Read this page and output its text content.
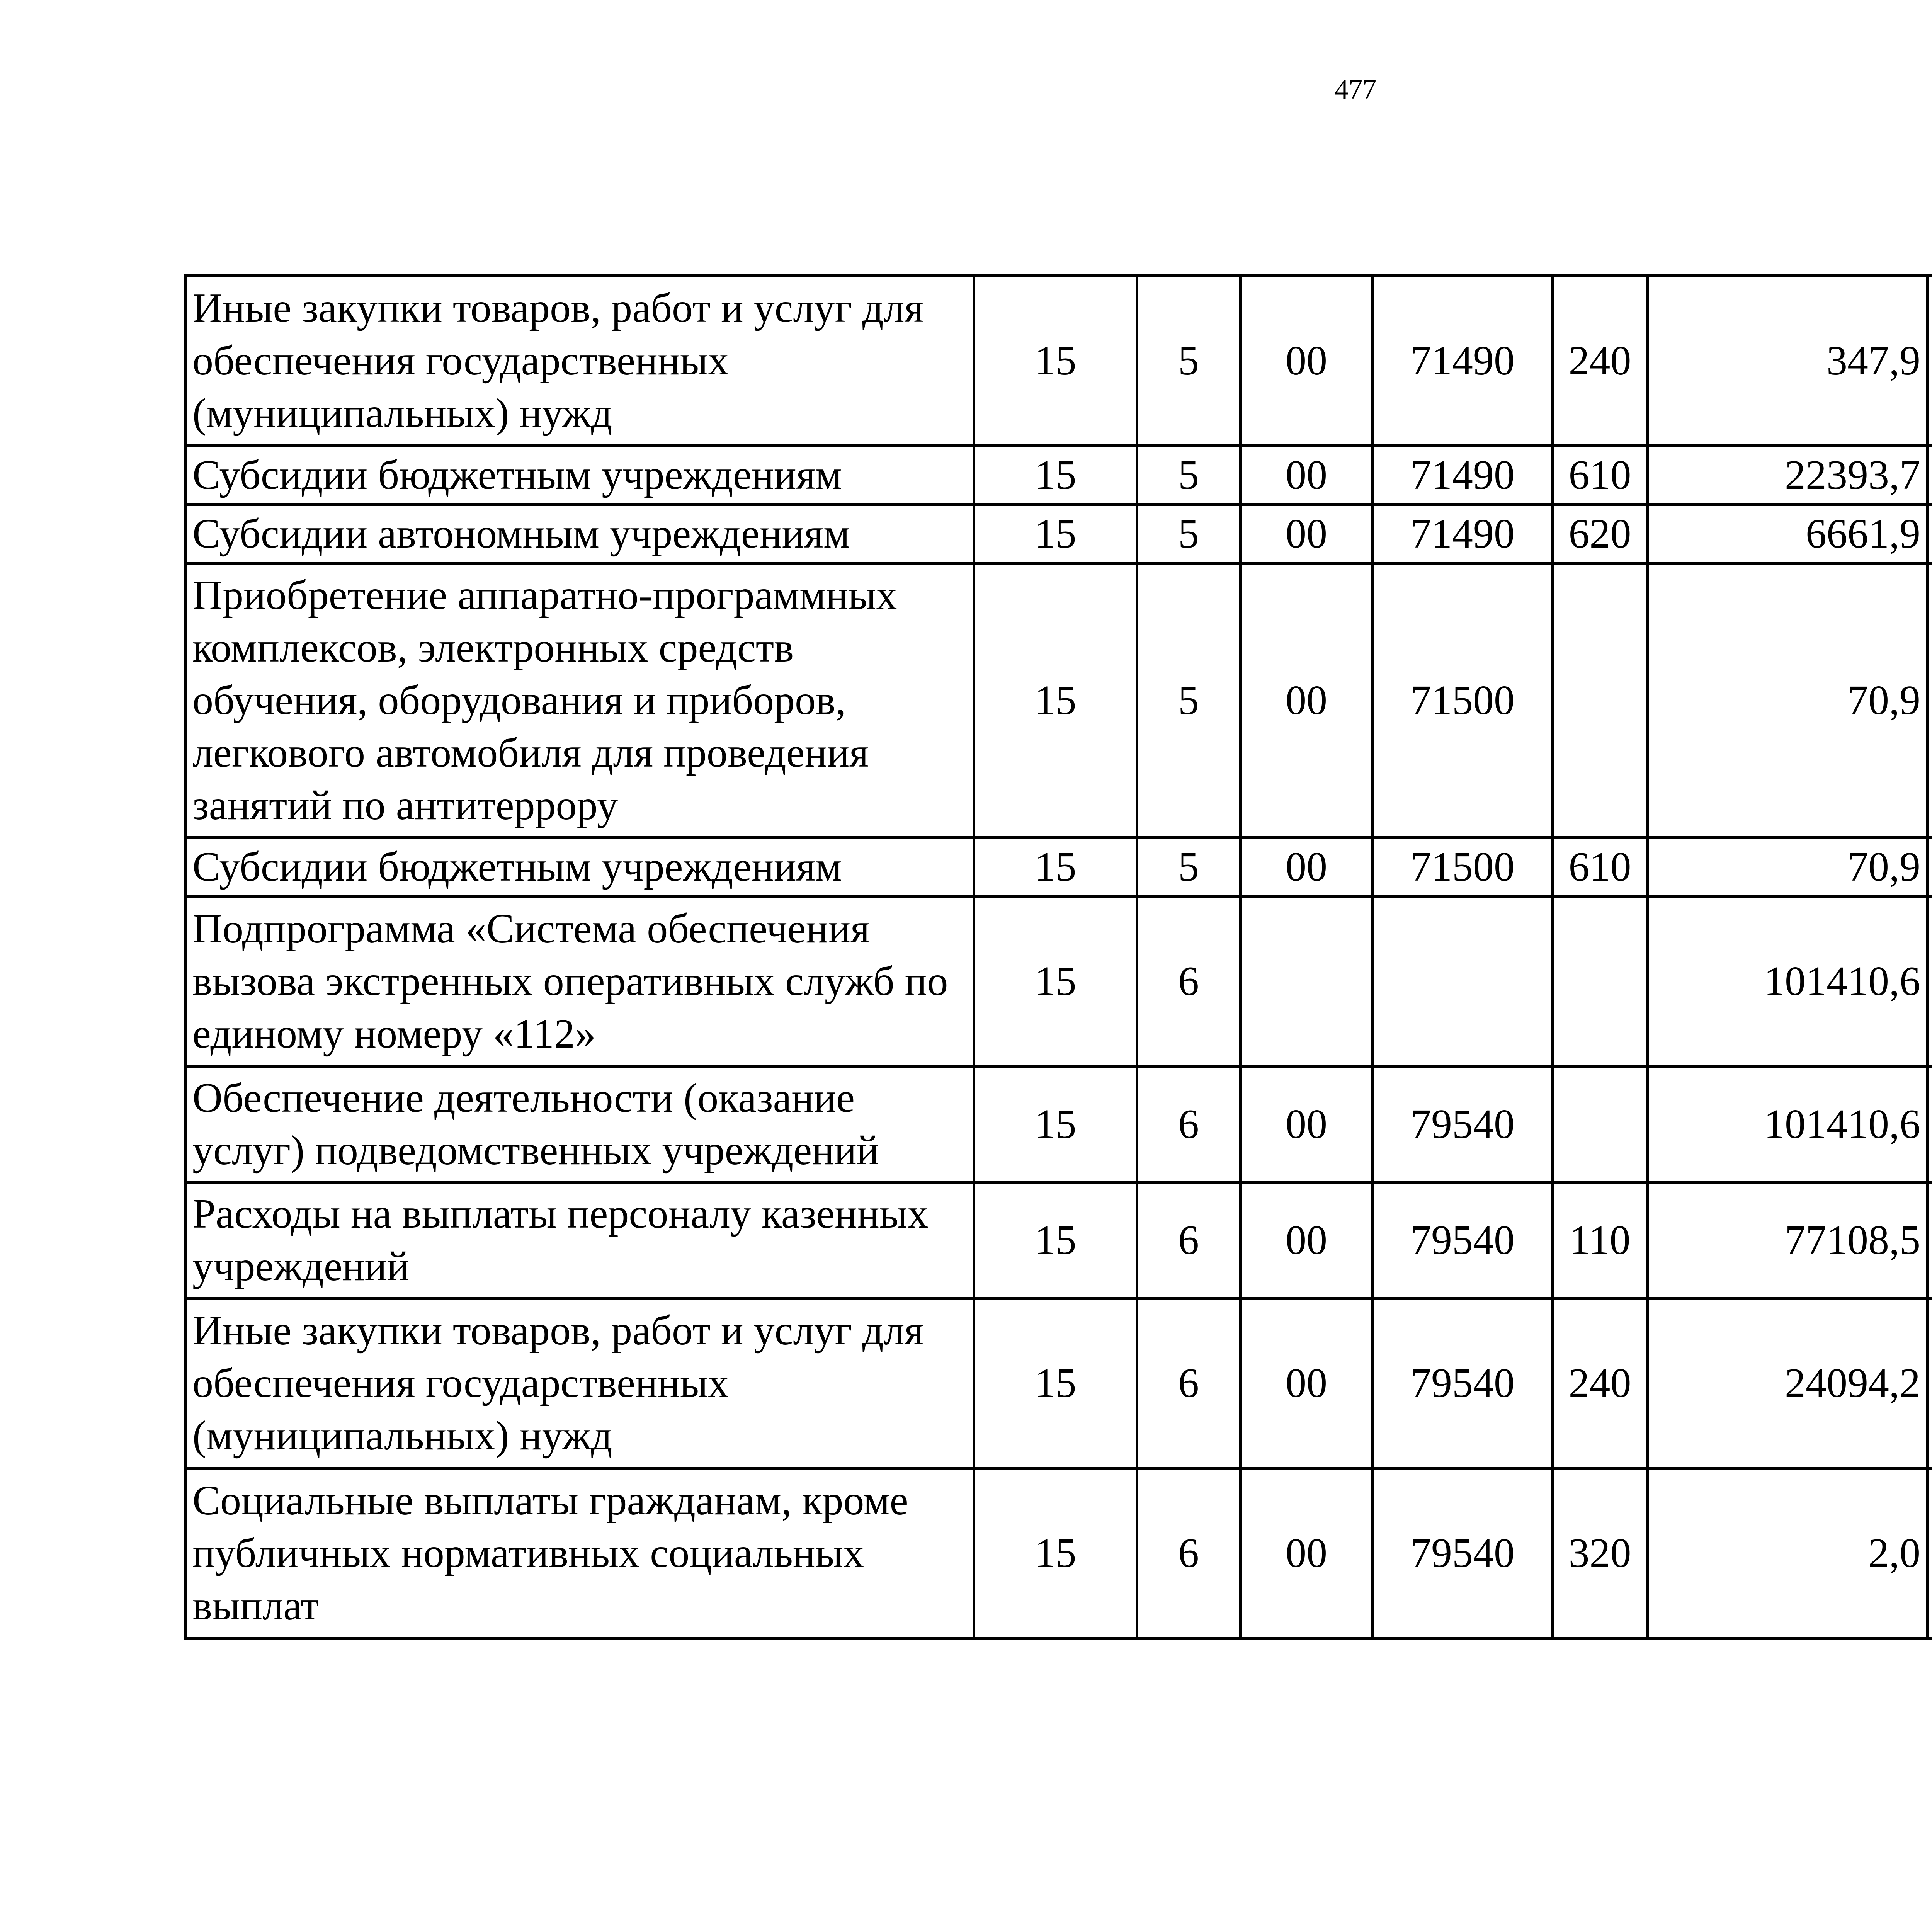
477
Иные закупки товаров, работ и услуг для обеспечения государственных (муниципальных) нужд	15	5	00	71490	240	347,9		
Субсидии бюджетным учреждениям	15	5	00	71490	610	22393,7		
Субсидии автономным учреждениям	15	5	00	71490	620	6661,9		
Приобретение аппаратно-программных комплексов, электронных средств обучения, оборудования и приборов, легкового автомобиля для проведения занятий по антитеррору	15	5	00	71500		70,9		
Субсидии бюджетным учреждениям	15	5	00	71500	610	70,9		
Подпрограмма «Система обеспечения вызова экстренных оперативных служб по единому номеру «112»	15	6				101410,6		
Обеспечение деятельности (оказание услуг) подведомственных учреждений	15	6	00	79540		101410,6		
Расходы на выплаты персоналу казенных учреждений	15	6	00	79540	110	77108,5		
Иные закупки товаров, работ и услуг для обеспечения государственных (муниципальных) нужд	15	6	00	79540	240	24094,2		
Социальные выплаты гражданам, кроме публичных нормативных социальных выплат	15	6	00	79540	320	2,0		
